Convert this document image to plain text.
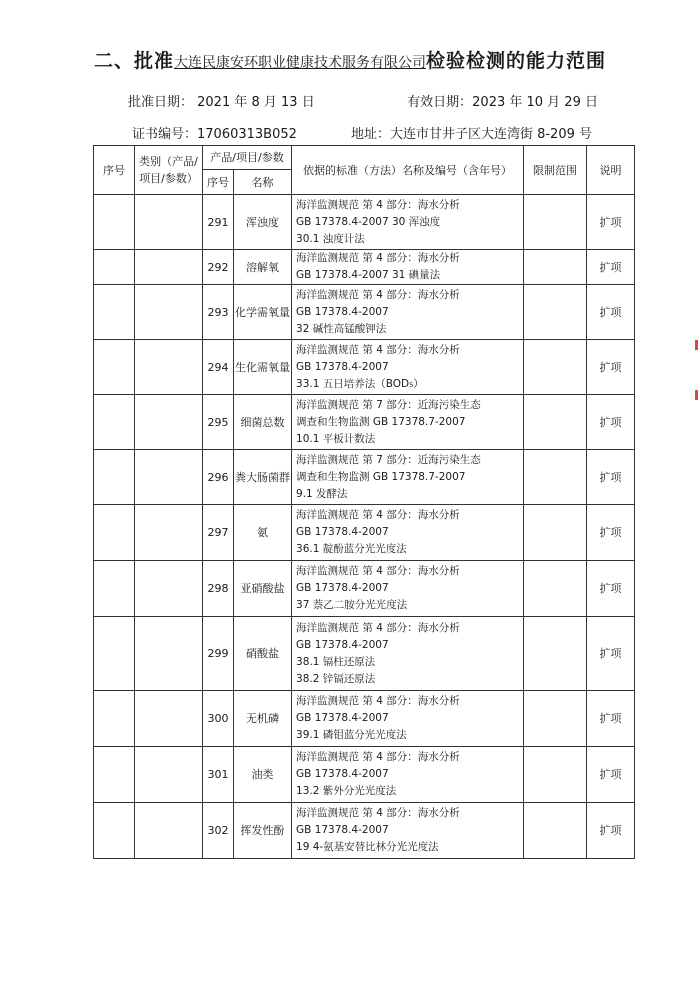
二、批准大连民康安环职业健康技术服务有限公司检验检测的能力范围
批准日期： 2021 年 8 月 13 日	有效日期：2023 年 10 月 29 日
证书编号：17060313B052	地址：大连市甘井子区大连湾街 8-209 号
序号	类别（产品/项目/参数）	产品/项目/参数		依据的标准（方法）名称及编号（含年号）	限制范围	说明
		序号	名称			
		291	浑浊度	海洋监测规范 第 4 部分：海水分析
GB 17378.4-2007 30 浑浊度
30.1 浊度计法		扩项
		292	溶解氧	海洋监测规范 第 4 部分：海水分析
GB 17378.4-2007 31 碘量法		扩项
		293	化学需氧量	海洋监测规范 第 4 部分：海水分析
GB 17378.4-2007
32 碱性高锰酸钾法		扩项
		294	生化需氧量	海洋监测规范 第 4 部分：海水分析
GB 17378.4-2007
33.1 五日培养法（BOD₅）		扩项
		295	细菌总数	海洋监测规范 第 7 部分：近海污染生态
调查和生物监测 GB 17378.7-2007
10.1 平板计数法		扩项
		296	粪大肠菌群	海洋监测规范 第 7 部分：近海污染生态
调查和生物监测 GB 17378.7-2007
9.1 发酵法		扩项
		297	氨	海洋监测规范 第 4 部分：海水分析
GB 17378.4-2007
36.1 靛酚蓝分光光度法		扩项
		298	亚硝酸盐	海洋监测规范 第 4 部分：海水分析
GB 17378.4-2007
37 萘乙二胺分光光度法		扩项
		299	硝酸盐	海洋监测规范 第 4 部分：海水分析
GB 17378.4-2007
38.1 镉柱还原法
38.2 锌镉还原法		扩项
		300	无机磷	海洋监测规范 第 4 部分：海水分析
GB 17378.4-2007
39.1 磷钼蓝分光光度法		扩项
		301	油类	海洋监测规范 第 4 部分：海水分析
GB 17378.4-2007
13.2 紫外分光光度法		扩项
		302	挥发性酚	海洋监测规范 第 4 部分：海水分析
GB 17378.4-2007
19 4-氨基安替比林分光光度法		扩项
